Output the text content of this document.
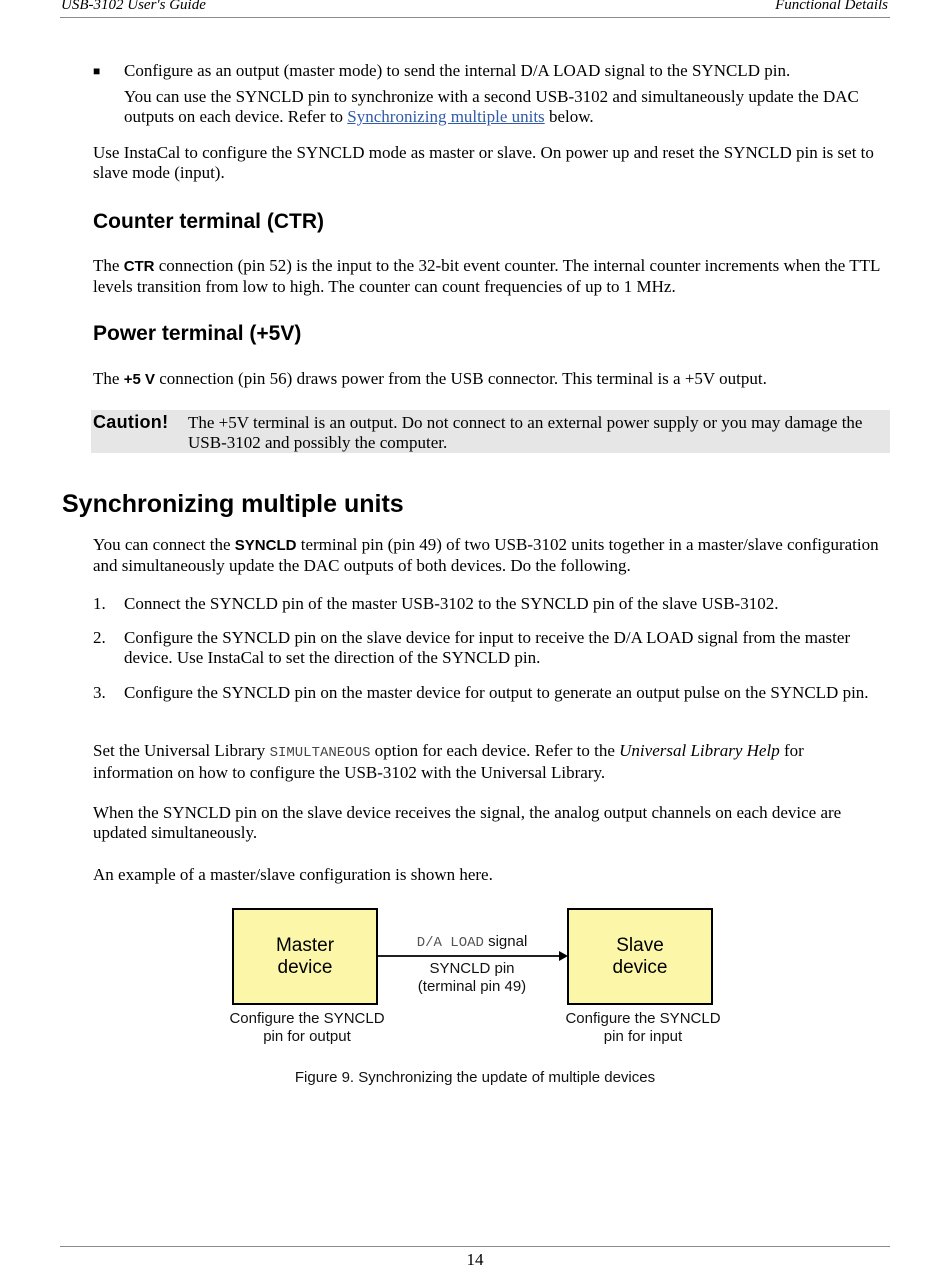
USB-3102 User's Guide	Functional Details
■ Configure as an output (master mode) to send the internal D/A LOAD signal to the SYNCLD pin.
You can use the SYNCLD pin to synchronize with a second USB-3102 and simultaneously update the DAC outputs on each device. Refer to Synchronizing multiple units below.
Use InstaCal to configure the SYNCLD mode as master or slave. On power up and reset the SYNCLD pin is set to slave mode (input).
Counter terminal (CTR)
The CTR connection (pin 52) is the input to the 32-bit event counter. The internal counter increments when the TTL levels transition from low to high. The counter can count frequencies of up to 1 MHz.
Power terminal (+5V)
The +5 V connection (pin 56) draws power from the USB connector. This terminal is a +5V output.
Caution! The +5V terminal is an output. Do not connect to an external power supply or you may damage the USB-3102 and possibly the computer.
Synchronizing multiple units
You can connect the SYNCLD terminal pin (pin 49) of two USB-3102 units together in a master/slave configuration and simultaneously update the DAC outputs of both devices. Do the following.
1. Connect the SYNCLD pin of the master USB-3102 to the SYNCLD pin of the slave USB-3102.
2. Configure the SYNCLD pin on the slave device for input to receive the D/A LOAD signal from the master device. Use InstaCal to set the direction of the SYNCLD pin.
3. Configure the SYNCLD pin on the master device for output to generate an output pulse on the SYNCLD pin.
Set the Universal Library SIMULTANEOUS option for each device. Refer to the Universal Library Help for information on how to configure the USB-3102 with the Universal Library.
When the SYNCLD pin on the slave device receives the signal, the analog output channels on each device are updated simultaneously.
An example of a master/slave configuration is shown here.
Master
device
Slave
device
D/A LOAD signal
SYNCLD pin
(terminal pin 49)
Configure the SYNCLD
pin for output
Configure the SYNCLD
pin for input
Figure 9. Synchronizing the update of multiple devices
14
